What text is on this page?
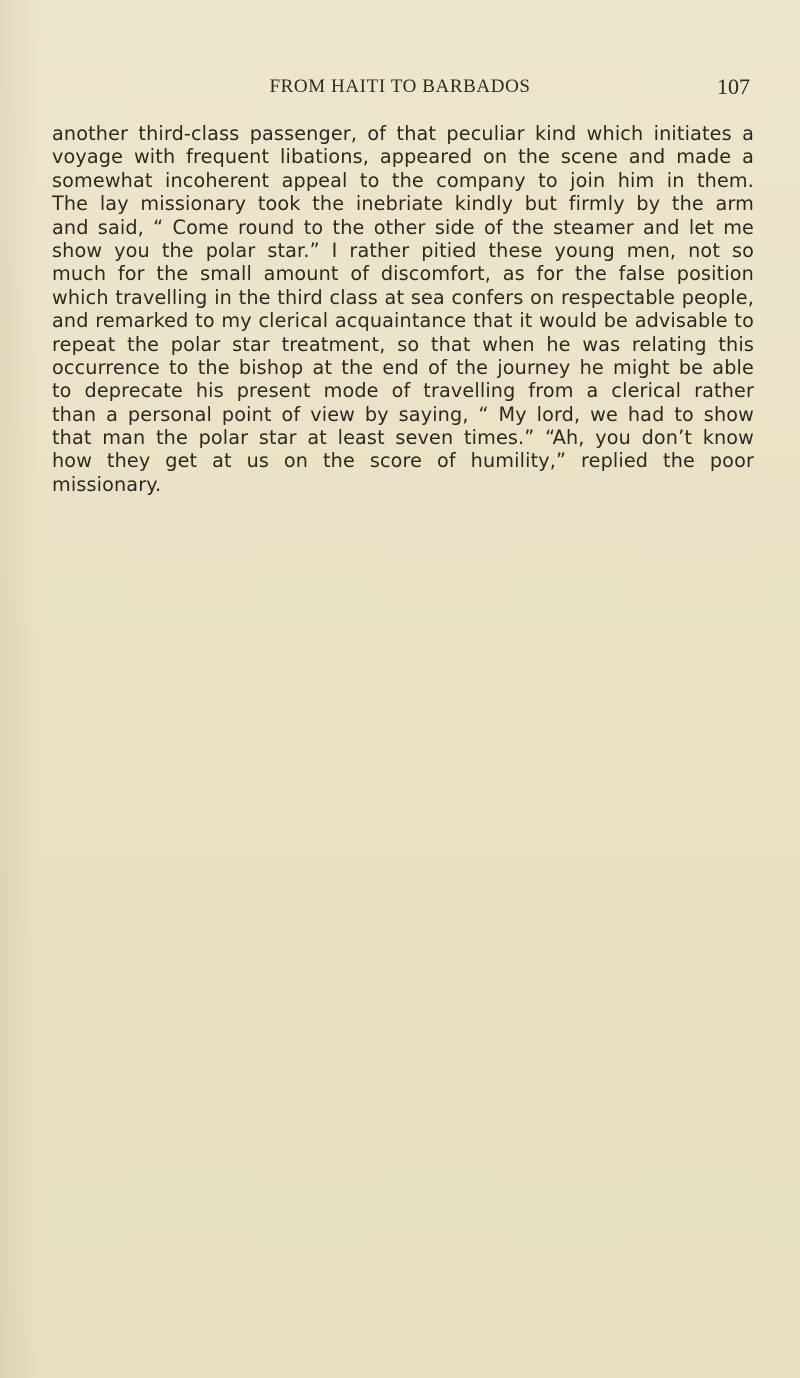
FROM HAITI TO BARBADOS	107
another third-class passenger, of that peculiar kind which initiates a
voyage with frequent libations, appeared on the scene and made a
somewhat incoherent appeal to the company to join him in them.
The lay missionary took the inebriate kindly but firmly by the arm
and said, “ Come round to the other side of the steamer and let me
show you the polar star.” I rather pitied these young men, not so
much for the small amount of discomfort, as for the false position
which travelling in the third class at sea confers on respectable people,
and remarked to my clerical acquaintance that it would be advisable to
repeat the polar star treatment, so that when he was relating this
occurrence to the bishop at the end of the journey he might be able
to deprecate his present mode of travelling from a clerical rather
than a personal point of view by saying, “ My lord, we had to show
that man the polar star at least seven times.” “Ah, you don’t know
how they get at us on the score of humility,” replied the poor
missionary.
